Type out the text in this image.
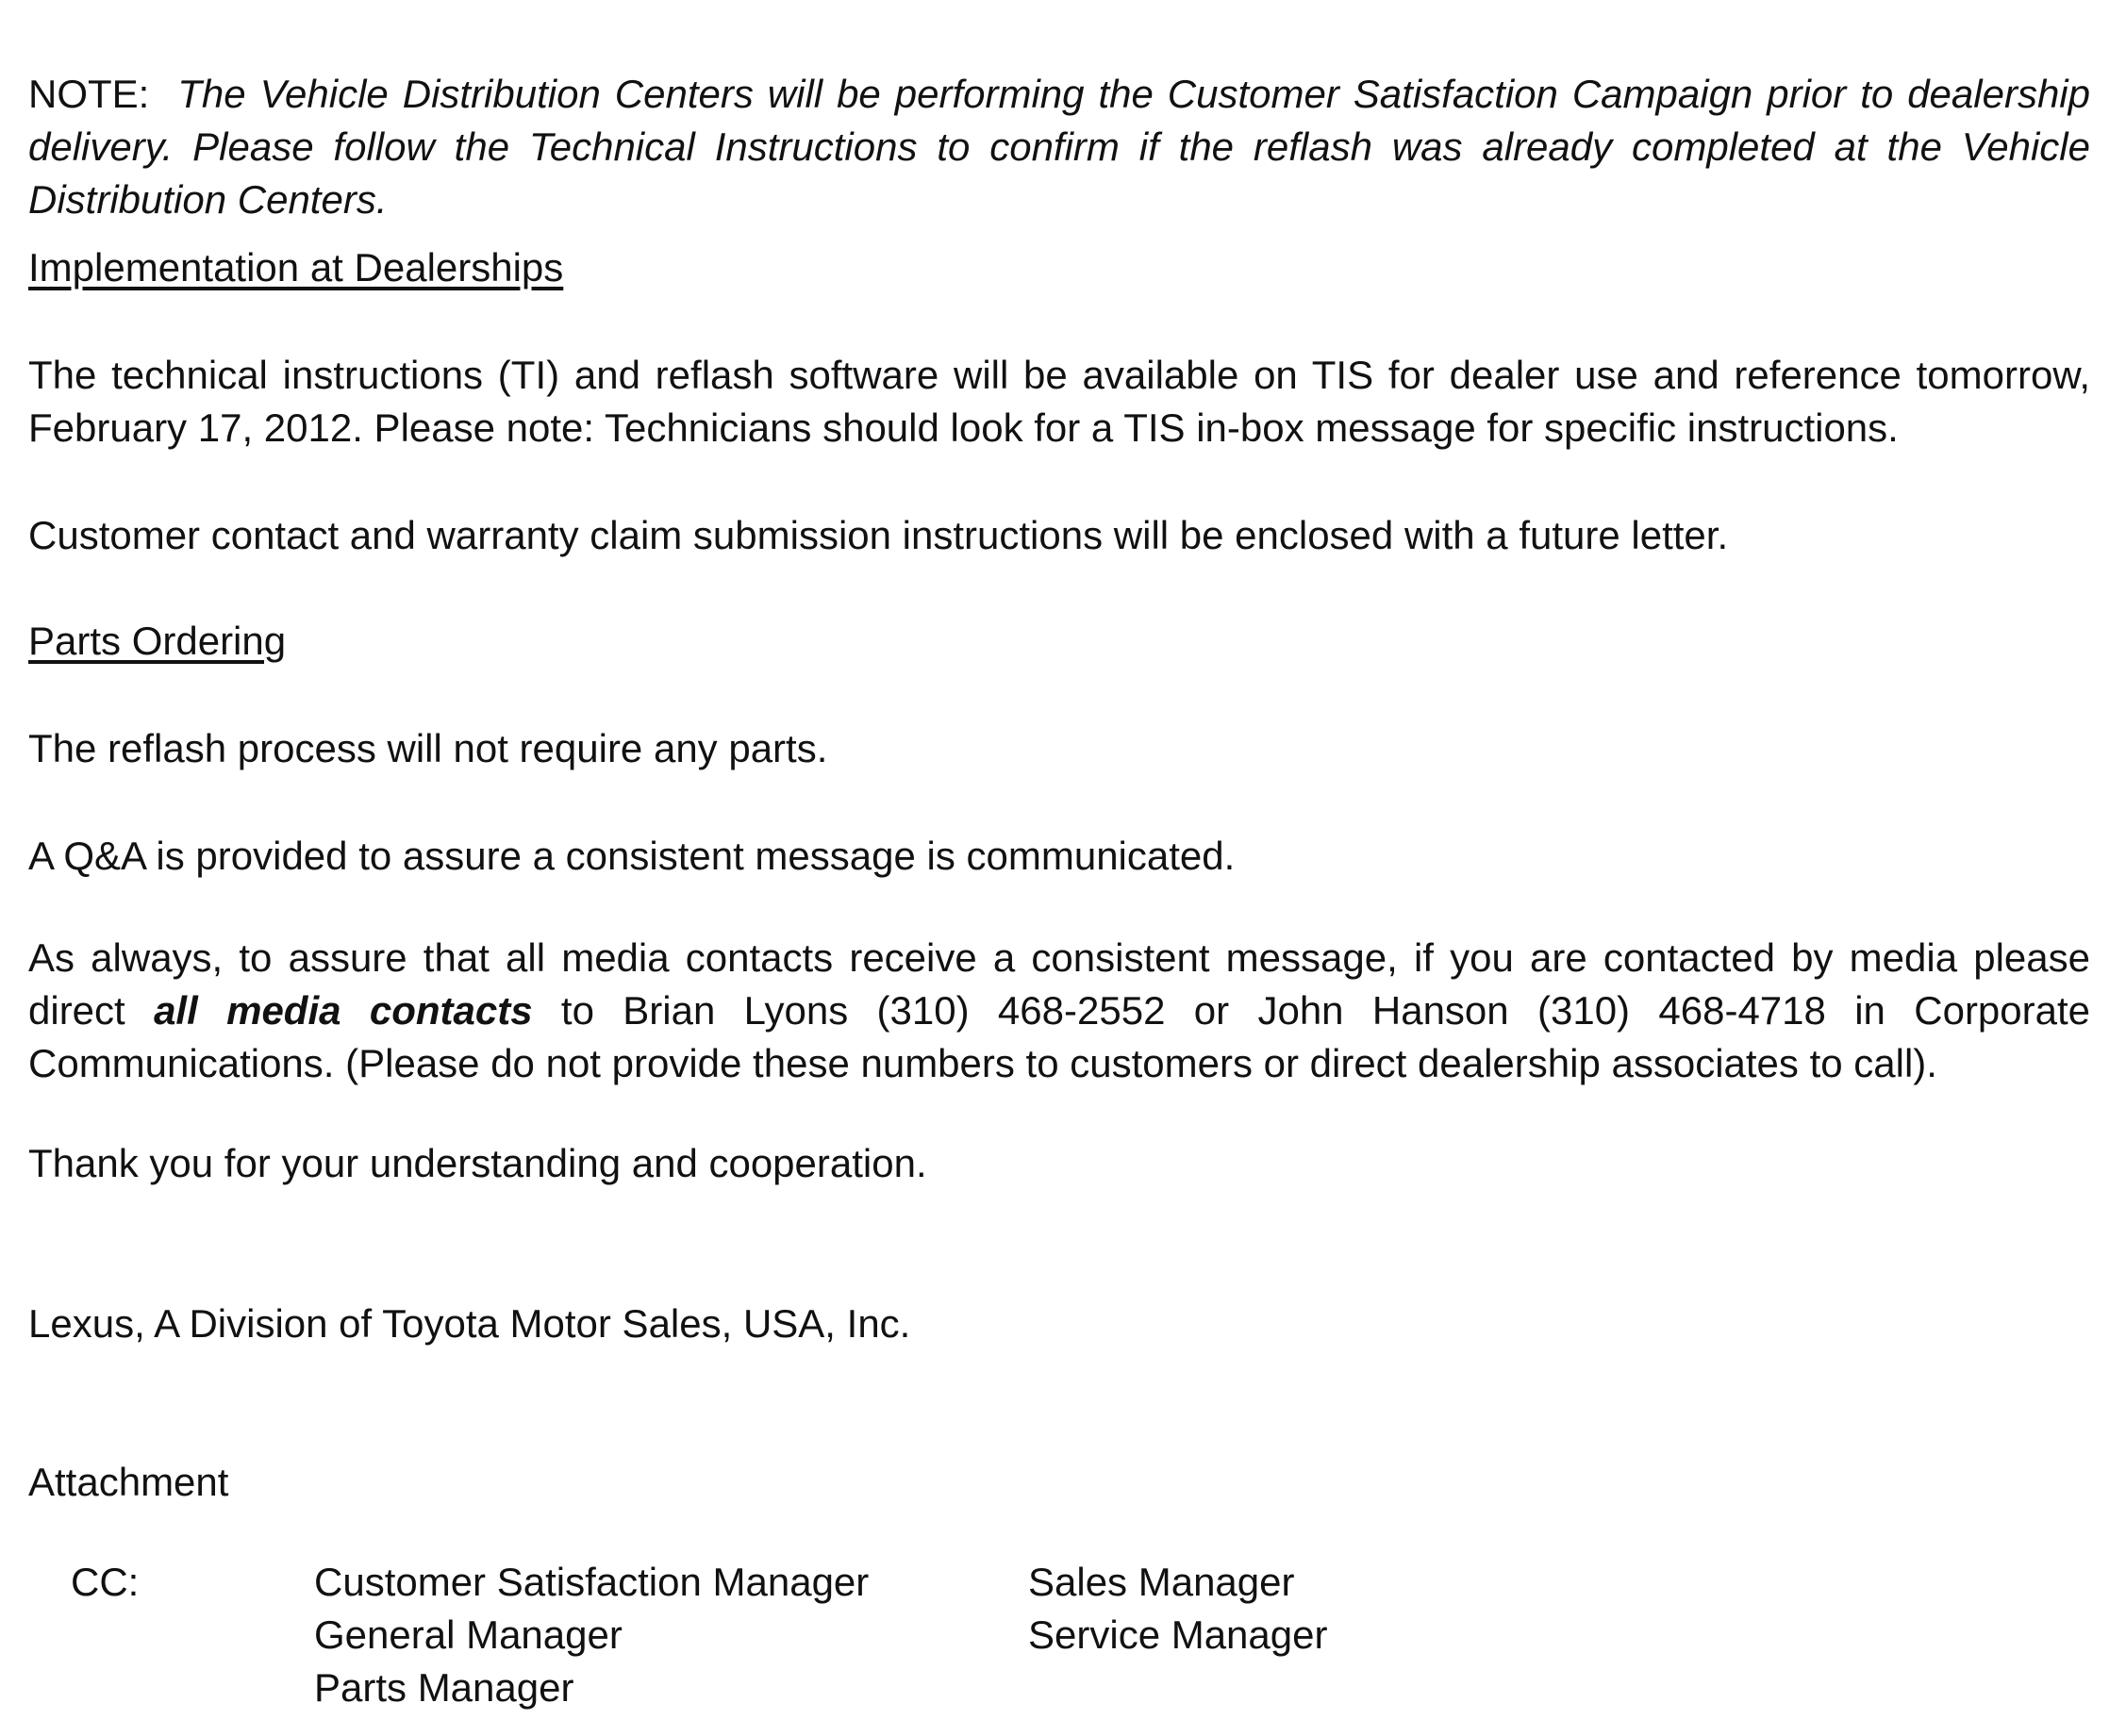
NOTE: The Vehicle Distribution Centers will be performing the Customer Satisfaction Campaign prior to dealership delivery. Please follow the Technical Instructions to confirm if the reflash was already completed at the Vehicle Distribution Centers.

Implementation at Dealerships

The technical instructions (TI) and reflash software will be available on TIS for dealer use and reference tomorrow, February 17, 2012. Please note: Technicians should look for a TIS in-box message for specific instructions.

Customer contact and warranty claim submission instructions will be enclosed with a future letter.

Parts Ordering

The reflash process will not require any parts.

A Q&A is provided to assure a consistent message is communicated.

As always, to assure that all media contacts receive a consistent message, if you are contacted by media please direct all media contacts to Brian Lyons (310) 468-2552 or John Hanson (310) 468-4718 in Corporate Communications. (Please do not provide these numbers to customers or direct dealership associates to call).

Thank you for your understanding and cooperation.

Lexus, A Division of Toyota Motor Sales, USA, Inc.

Attachment

CC:	Customer Satisfaction Manager
General Manager
Parts Manager
Sales Manager
Service Manager
